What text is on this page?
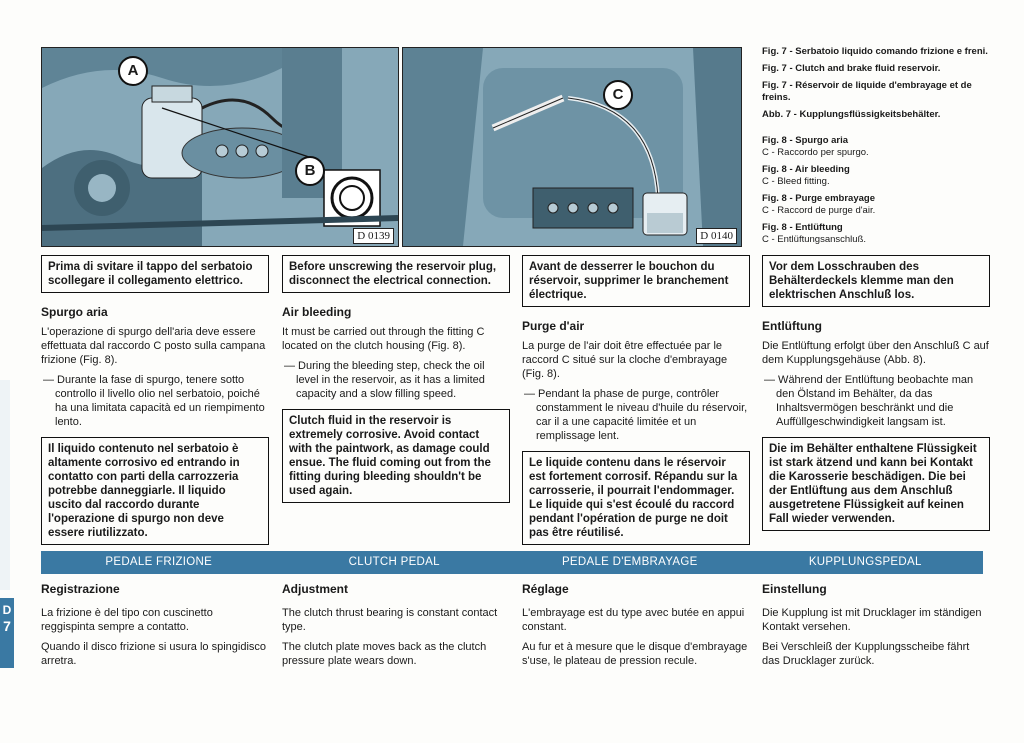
A
B
D 0139
C
D 0140

Fig. 7 - Serbatoio liquido comando frizione e freni.

Fig. 7 - Clutch and brake fluid reservoir.

Fig. 7 - Réservoir de liquide d'embrayage et de freins.

Abb. 7 - Kupplungsflüssigkeitsbehälter.

Fig. 8 - Spurgo aria
C - Raccordo per spurgo.
Fig. 8 - Air bleeding
C - Bleed fitting.
Fig. 8 - Purge embrayage
C - Raccord de purge d'air.
Fig. 8 - Entlüftung
C - Entlüftungsanschluß.
Prima di svitare il tappo del serbatoio scollegare il collegamento elettrico.
Spurgo aria
L'operazione di spurgo dell'aria deve essere effettuata dal raccordo C posto sulla campana frizione (Fig. 8).
— Durante la fase di spurgo, tenere sotto controllo il livello olio nel serbatoio, poiché ha una limitata capacità ed un riempimento lento.
Il liquido contenuto nel serbatoio è altamente corrosivo ed entrando in contatto con parti della carrozzeria potrebbe danneggiarle. Il liquido uscito dal raccordo durante l'operazione di spurgo non deve essere riutilizzato.
Before unscrewing the reservoir plug, disconnect the electrical connection.
Air bleeding
It must be carried out through the fitting C located on the clutch housing (Fig. 8).
— During the bleeding step, check the oil level in the reservoir, as it has a limited capacity and a slow filling speed.
Clutch fluid in the reservoir is extremely corrosive. Avoid contact with the paintwork, as damage could ensue. The fluid coming out from the fitting during bleeding shouldn't be used again.
Avant de desserrer le bouchon du réservoir, supprimer le branchement électrique.
Purge d'air
La purge de l'air doit être effectuée par le raccord C situé sur la cloche d'embrayage (Fig. 8).
— Pendant la phase de purge, contrôler constamment le niveau d'huile du réservoir, car il a une capacité limitée et un remplissage lent.
Le liquide contenu dans le réservoir est fortement corrosif. Répandu sur la carrosserie, il pourrait l'endommager. Le liquide qui s'est écoulé du raccord pendant l'opération de purge ne doit pas être réutilisé.
Vor dem Losschrauben des Behälterdeckels klemme man den elektrischen Anschluß los.
Entlüftung
Die Entlüftung erfolgt über den Anschluß C auf dem Kupplungsgehäuse (Abb. 8).
— Während der Entlüftung beobachte man den Ölstand im Behälter, da das Inhaltsvermögen beschränkt und die Auffüllgeschwindigkeit langsam ist.
Die im Behälter enthaltene Flüssigkeit ist stark ätzend und kann bei Kontakt die Karosserie beschädigen. Die bei der Entlüftung aus dem Anschluß ausgetretene Flüssigkeit auf keinen Fall wieder verwenden.
PEDALE FRIZIONE	CLUTCH PEDAL	PEDALE D'EMBRAYAGE	KUPPLUNGSPEDAL
Registrazione
La frizione è del tipo con cuscinetto reggispinta sempre a contatto.
Quando il disco frizione si usura lo spingidisco arretra.
Adjustment
The clutch thrust bearing is constant contact type.
The clutch plate moves back as the clutch pressure plate wears down.
Réglage
L'embrayage est du type avec butée en appui constant.
Au fur et à mesure que le disque d'embrayage s'use, le plateau de pression recule.
Einstellung
Die Kupplung ist mit Drucklager im ständigen Kontakt versehen.
Bei Verschleiß der Kupplungsscheibe fährt das Drucklager zurück.
D
7
